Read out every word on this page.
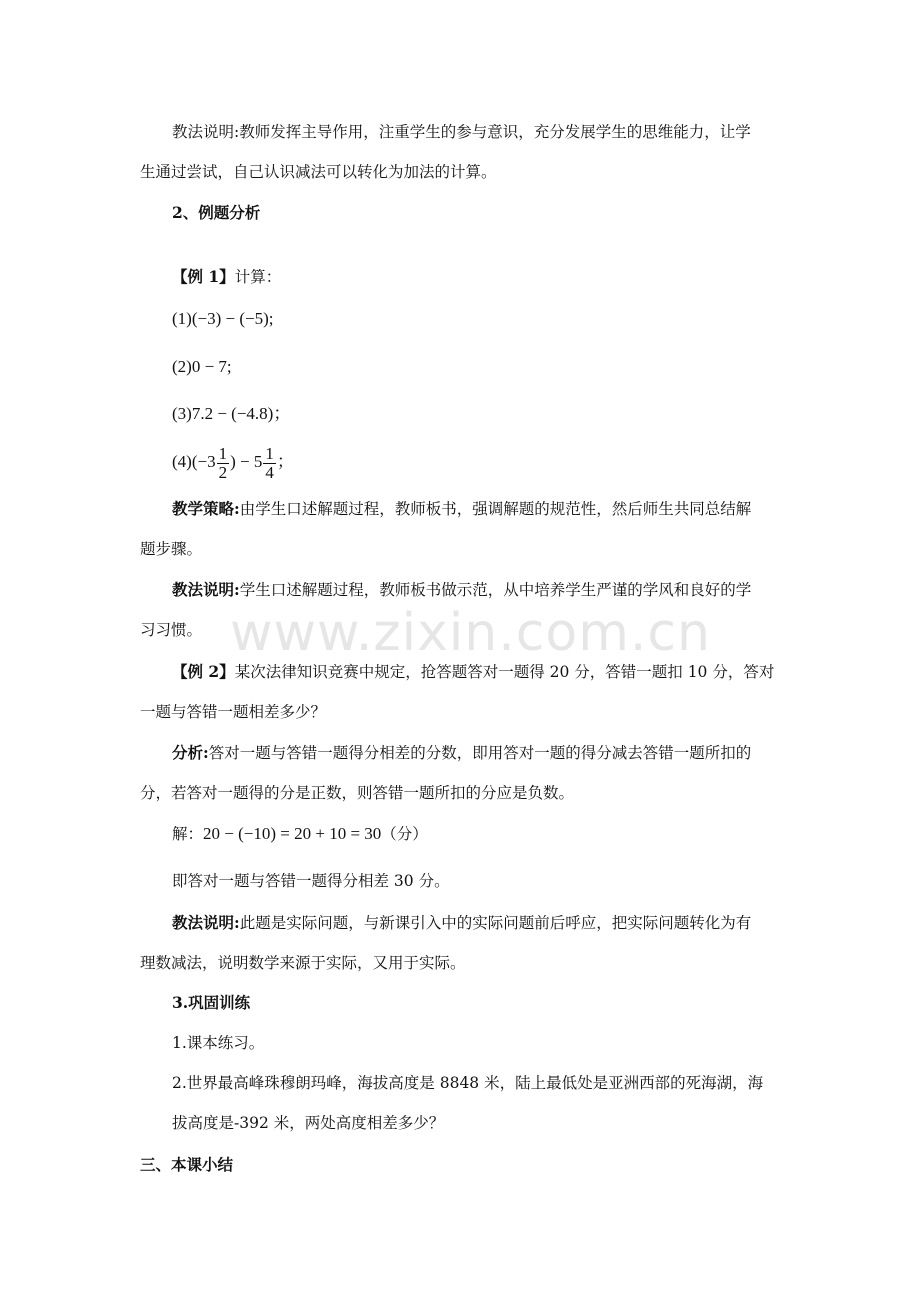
www.zixin.com.cn
教法说明:教师发挥主导作用，注重学生的参与意识，充分发展学生的思维能力，让学
生通过尝试，自己认识减法可以转化为加法的计算。
2、例题分析
【例 1】计算：
(1)(−3) − (−5);
(2)0 − 7;
(3)7.2 − (−4.8)；
$(4)(-3 \frac{1}{2}$ ) − $5 \frac{1}{4}$ ；
教学策略:由学生口述解题过程，教师板书，强调解题的规范性，然后师生共同总结解
题步骤。
教法说明:学生口述解题过程，教师板书做示范，从中培养学生严谨的学风和良好的学
习习惯。
【例 2】某次法律知识竞赛中规定，抢答题答对一题得 20 分，答错一题扣 10 分，答对
一题与答错一题相差多少？
分析:答对一题与答错一题得分相差的分数，即用答对一题的得分减去答错一题所扣的
分，若答对一题得的分是正数，则答错一题所扣的分应是负数。
解：20 − (−10) = 20 + 10 = 30（分）
即答对一题与答错一题得分相差 30 分。
教法说明:此题是实际问题，与新课引入中的实际问题前后呼应，把实际问题转化为有
理数减法，说明数学来源于实际，又用于实际。
3.巩固训练
1.课本练习。
2.世界最高峰珠穆朗玛峰，海拔高度是 8848 米，陆上最低处是亚洲西部的死海湖，海
拔高度是-392 米，两处高度相差多少？
三、本课小结
